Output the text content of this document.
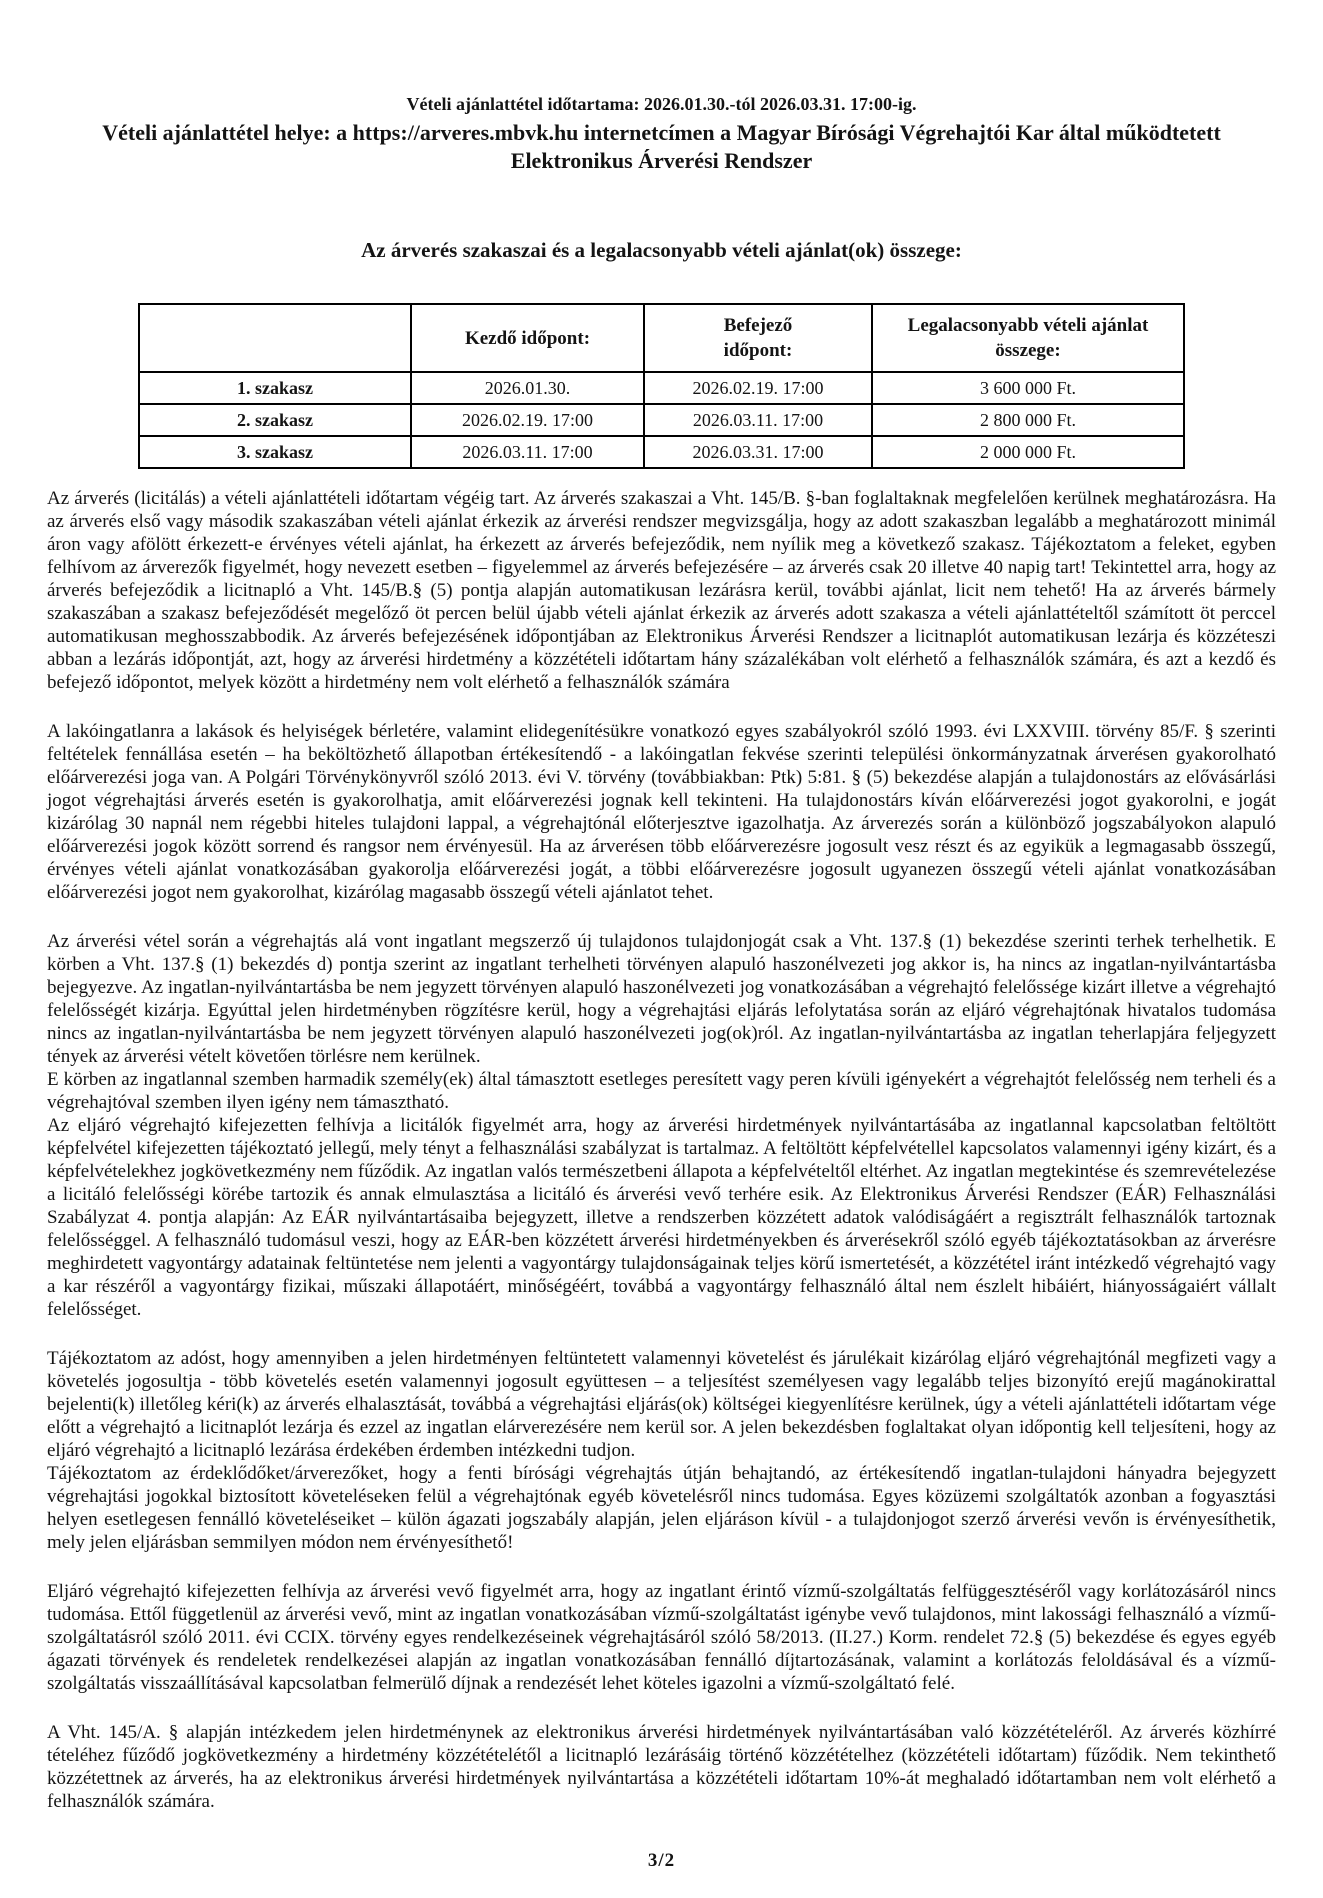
Vételi ajánlattétel időtartama: 2026.01.30.-tól 2026.03.31. 17:00-ig.
Vételi ajánlattétel helye: a https://arveres.mbvk.hu internetcímen a Magyar Bírósági Végrehajtói Kar által működtetett Elektronikus Árverési Rendszer
Az árverés szakaszai és a legalacsonyabb vételi ajánlat(ok) összege:
	Kezdő időpont:	Befejező időpont:	Legalacsonyabb vételi ajánlat összege:
1. szakasz	2026.01.30.	2026.02.19. 17:00	3 600 000 Ft.
2. szakasz	2026.02.19. 17:00	2026.03.11. 17:00	2 800 000 Ft.
3. szakasz	2026.03.11. 17:00	2026.03.31. 17:00	2 000 000 Ft.

Az árverés (licitálás) a vételi ajánlattételi időtartam végéig tart. Az árverés szakaszai a Vht. 145/B. §-ban foglaltaknak megfelelően kerülnek meghatározásra. Ha az árverés első vagy második szakaszában vételi ajánlat érkezik az árverési rendszer megvizsgálja, hogy az adott szakaszban legalább a meghatározott minimál áron vagy afölött érkezett-e érvényes vételi ajánlat, ha érkezett az árverés befejeződik, nem nyílik meg a következő szakasz. Tájékoztatom a feleket, egyben felhívom az árverezők figyelmét, hogy nevezett esetben – figyelemmel az árverés befejezésére – az árverés csak 20 illetve 40 napig tart! Tekintettel arra, hogy az árverés befejeződik a licitnapló a Vht. 145/B.§ (5) pontja alapján automatikusan lezárásra kerül, további ajánlat, licit nem tehető! Ha az árverés bármely szakaszában a szakasz befejeződését megelőző öt percen belül újabb vételi ajánlat érkezik az árverés adott szakasza a vételi ajánlattételtől számított öt perccel automatikusan meghosszabbodik. Az árverés befejezésének időpontjában az Elektronikus Árverési Rendszer a licitnaplót automatikusan lezárja és közzéteszi abban a lezárás időpontját, azt, hogy az árverési hirdetmény a közzétételi időtartam hány százalékában volt elérhető a felhasználók számára, és azt a kezdő és befejező időpontot, melyek között a hirdetmény nem volt elérhető a felhasználók számára

A lakóingatlanra a lakások és helyiségek bérletére, valamint elidegenítésükre vonatkozó egyes szabályokról szóló 1993. évi LXXVIII. törvény 85/F. § szerinti feltételek fennállása esetén – ha beköltözhető állapotban értékesítendő - a lakóingatlan fekvése szerinti települési önkormányzatnak árverésen gyakorolható előárverezési joga van. A Polgári Törvénykönyvről szóló 2013. évi V. törvény (továbbiakban: Ptk) 5:81. § (5) bekezdése alapján a tulajdonostárs az elővásárlási jogot végrehajtási árverés esetén is gyakorolhatja, amit előárverezési jognak kell tekinteni. Ha tulajdonostárs kíván előárverezési jogot gyakorolni, e jogát kizárólag 30 napnál nem régebbi hiteles tulajdoni lappal, a végrehajtónál előterjesztve igazolhatja. Az árverezés során a különböző jogszabályokon alapuló előárverezési jogok között sorrend és rangsor nem érvényesül. Ha az árverésen több előárverezésre jogosult vesz részt és az egyikük a legmagasabb összegű, érvényes vételi ajánlat vonatkozásában gyakorolja előárverezési jogát, a többi előárverezésre jogosult ugyanezen összegű vételi ajánlat vonatkozásában előárverezési jogot nem gyakorolhat, kizárólag magasabb összegű vételi ajánlatot tehet.

Az árverési vétel során a végrehajtás alá vont ingatlant megszerző új tulajdonos tulajdonjogát csak a Vht. 137.§ (1) bekezdése szerinti terhek terhelhetik. E körben a Vht. 137.§ (1) bekezdés d) pontja szerint az ingatlant terhelheti törvényen alapuló haszonélvezeti jog akkor is, ha nincs az ingatlan-nyilvántartásba bejegyezve. Az ingatlan-nyilvántartásba be nem jegyzett törvényen alapuló haszonélvezeti jog vonatkozásában a végrehajtó felelőssége kizárt illetve a végrehajtó felelősségét kizárja. Egyúttal jelen hirdetményben rögzítésre kerül, hogy a végrehajtási eljárás lefolytatása során az eljáró végrehajtónak hivatalos tudomása nincs az ingatlan-nyilvántartásba be nem jegyzett törvényen alapuló haszonélvezeti jog(ok)ról. Az ingatlan-nyilvántartásba az ingatlan teherlapjára feljegyzett tények az árverési vételt követően törlésre nem kerülnek.

E körben az ingatlannal szemben harmadik személy(ek) által támasztott esetleges peresített vagy peren kívüli igényekért a végrehajtót felelősség nem terheli és a végrehajtóval szemben ilyen igény nem támasztható.

Az eljáró végrehajtó kifejezetten felhívja a licitálók figyelmét arra, hogy az árverési hirdetmények nyilvántartásába az ingatlannal kapcsolatban feltöltött képfelvétel kifejezetten tájékoztató jellegű, mely tényt a felhasználási szabályzat is tartalmaz. A feltöltött képfelvétellel kapcsolatos valamennyi igény kizárt, és a képfelvételekhez jogkövetkezmény nem fűződik. Az ingatlan valós természetbeni állapota a képfelvételtől eltérhet. Az ingatlan megtekintése és szemrevételezése a licitáló felelősségi körébe tartozik és annak elmulasztása a licitáló és árverési vevő terhére esik. Az Elektronikus Árverési Rendszer (EÁR) Felhasználási Szabályzat 4. pontja alapján: Az EÁR nyilvántartásaiba bejegyzett, illetve a rendszerben közzétett adatok valódiságáért a regisztrált felhasználók tartoznak felelősséggel. A felhasználó tudomásul veszi, hogy az EÁR-ben közzétett árverési hirdetményekben és árverésekről szóló egyéb tájékoztatásokban az árverésre meghirdetett vagyontárgy adatainak feltüntetése nem jelenti a vagyontárgy tulajdonságainak teljes körű ismertetését, a közzététel iránt intézkedő végrehajtó vagy a kar részéről a vagyontárgy fizikai, műszaki állapotáért, minőségéért, továbbá a vagyontárgy felhasználó által nem észlelt hibáiért, hiányosságaiért vállalt felelősséget.

Tájékoztatom az adóst, hogy amennyiben a jelen hirdetményen feltüntetett valamennyi követelést és járulékait kizárólag eljáró végrehajtónál megfizeti vagy a követelés jogosultja - több követelés esetén valamennyi jogosult együttesen – a teljesítést személyesen vagy legalább teljes bizonyító erejű magánokirattal bejelenti(k) illetőleg kéri(k) az árverés elhalasztását, továbbá a végrehajtási eljárás(ok) költségei kiegyenlítésre kerülnek, úgy a vételi ajánlattételi időtartam vége előtt a végrehajtó a licitnaplót lezárja és ezzel az ingatlan elárverezésére nem kerül sor. A jelen bekezdésben foglaltakat olyan időpontig kell teljesíteni, hogy az eljáró végrehajtó a licitnapló lezárása érdekében érdemben intézkedni tudjon.

Tájékoztatom az érdeklődőket/árverezőket, hogy a fenti bírósági végrehajtás útján behajtandó, az értékesítendő ingatlan-tulajdoni hányadra bejegyzett végrehajtási jogokkal biztosított követeléseken felül a végrehajtónak egyéb követelésről nincs tudomása. Egyes közüzemi szolgáltatók azonban a fogyasztási helyen esetlegesen fennálló követeléseiket – külön ágazati jogszabály alapján, jelen eljáráson kívül - a tulajdonjogot szerző árverési vevőn is érvényesíthetik, mely jelen eljárásban semmilyen módon nem érvényesíthető!

Eljáró végrehajtó kifejezetten felhívja az árverési vevő figyelmét arra, hogy az ingatlant érintő vízmű-szolgáltatás felfüggesztéséről vagy korlátozásáról nincs tudomása. Ettől függetlenül az árverési vevő, mint az ingatlan vonatkozásában vízmű-szolgáltatást igénybe vevő tulajdonos, mint lakossági felhasználó a vízmű-szolgáltatásról szóló 2011. évi CCIX. törvény egyes rendelkezéseinek végrehajtásáról szóló 58/2013. (II.27.) Korm. rendelet 72.§ (5) bekezdése és egyes egyéb ágazati törvények és rendeletek rendelkezései alapján az ingatlan vonatkozásában fennálló díjtartozásának, valamint a korlátozás feloldásával és a vízmű-szolgáltatás visszaállításával kapcsolatban felmerülő díjnak a rendezését lehet köteles igazolni a vízmű-szolgáltató felé.

A Vht. 145/A. § alapján intézkedem jelen hirdetménynek az elektronikus árverési hirdetmények nyilvántartásában való közzétételéről. Az árverés közhírré tételéhez fűződő jogkövetkezmény a hirdetmény közzétételétől a licitnapló lezárásáig történő közzétételhez (közzétételi időtartam) fűződik. Nem tekinthető közzétettnek az árverés, ha az elektronikus árverési hirdetmények nyilvántartása a közzétételi időtartam 10%-át meghaladó időtartamban nem volt elérhető a felhasználók számára.

3/2
